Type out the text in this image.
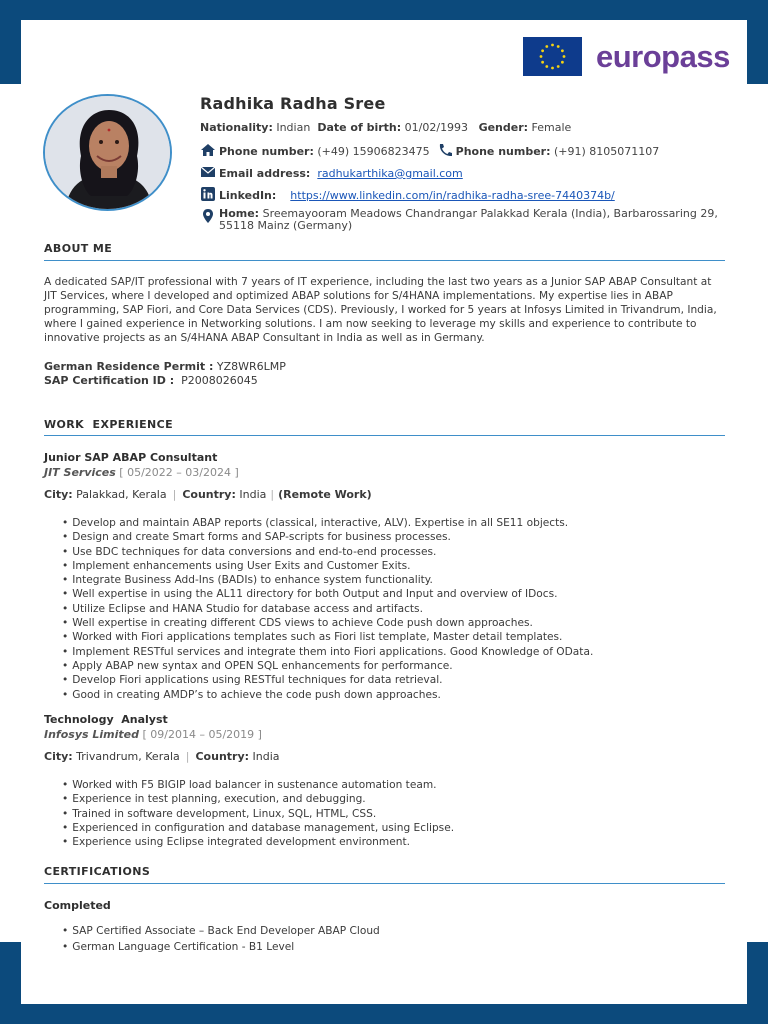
europass
Radhika Radha Sree
Nationality: Indian Date of birth: 01/02/1993 Gender: Female
Phone number: (+49) 15906823475 Phone number: (+91) 8105071107
Email address: radhukarthika@gmail.com
LinkedIn: https://www.linkedin.com/in/radhika-radha-sree-7440374b/
Home: Sreemayooram Meadows Chandrangar Palakkad Kerala (India), Barbarossaring 29, 55118 Mainz (Germany)
ABOUT ME
A dedicated SAP/IT professional with 7 years of IT experience, including the last two years as a Junior SAP ABAP Consultant at JIT Services, where I developed and optimized ABAP solutions for S/4HANA implementations. My expertise lies in ABAP programming, SAP Fiori, and Core Data Services (CDS). Previously, I worked for 5 years at Infosys Limited in Trivandrum, India, where I gained experience in Networking solutions. I am now seeking to leverage my skills and experience to contribute to innovative projects as an S/4HANA ABAP Consultant in India as well as in Germany.
German Residence Permit : YZ8WR6LMP
SAP Certification ID : P2008026045
WORK  EXPERIENCE
Junior SAP ABAP Consultant
JIT Services [ 05/2022 – 03/2024 ]
City: Palakkad, Kerala | Country: India | (Remote Work)
• Develop and maintain ABAP reports (classical, interactive, ALV). Expertise in all SE11 objects.
• Design and create Smart forms and SAP-scripts for business processes.
• Use BDC techniques for data conversions and end-to-end processes.
• Implement enhancements using User Exits and Customer Exits.
• Integrate Business Add-Ins (BADIs) to enhance system functionality.
• Well expertise in using the AL11 directory for both Output and Input and overview of IDocs.
• Utilize Eclipse and HANA Studio for database access and artifacts.
• Well expertise in creating different CDS views to achieve Code push down approaches.
• Worked with Fiori applications templates such as Fiori list template, Master detail templates.
• Implement RESTful services and integrate them into Fiori applications. Good Knowledge of OData.
• Apply ABAP new syntax and OPEN SQL enhancements for performance.
• Develop Fiori applications using RESTful techniques for data retrieval.
• Good in creating AMDP’s to achieve the code push down approaches.
Technology  Analyst
Infosys Limited [ 09/2014 – 05/2019 ]
City: Trivandrum, Kerala | Country: India
• Worked with F5 BIGIP load balancer in sustenance automation team.
• Experience in test planning, execution, and debugging.
• Trained in software development, Linux, SQL, HTML, CSS.
• Experienced in configuration and database management, using Eclipse.
• Experience using Eclipse integrated development environment.
CERTIFICATIONS
Completed
• SAP Certified Associate – Back End Developer ABAP Cloud
• German Language Certification - B1 Level
